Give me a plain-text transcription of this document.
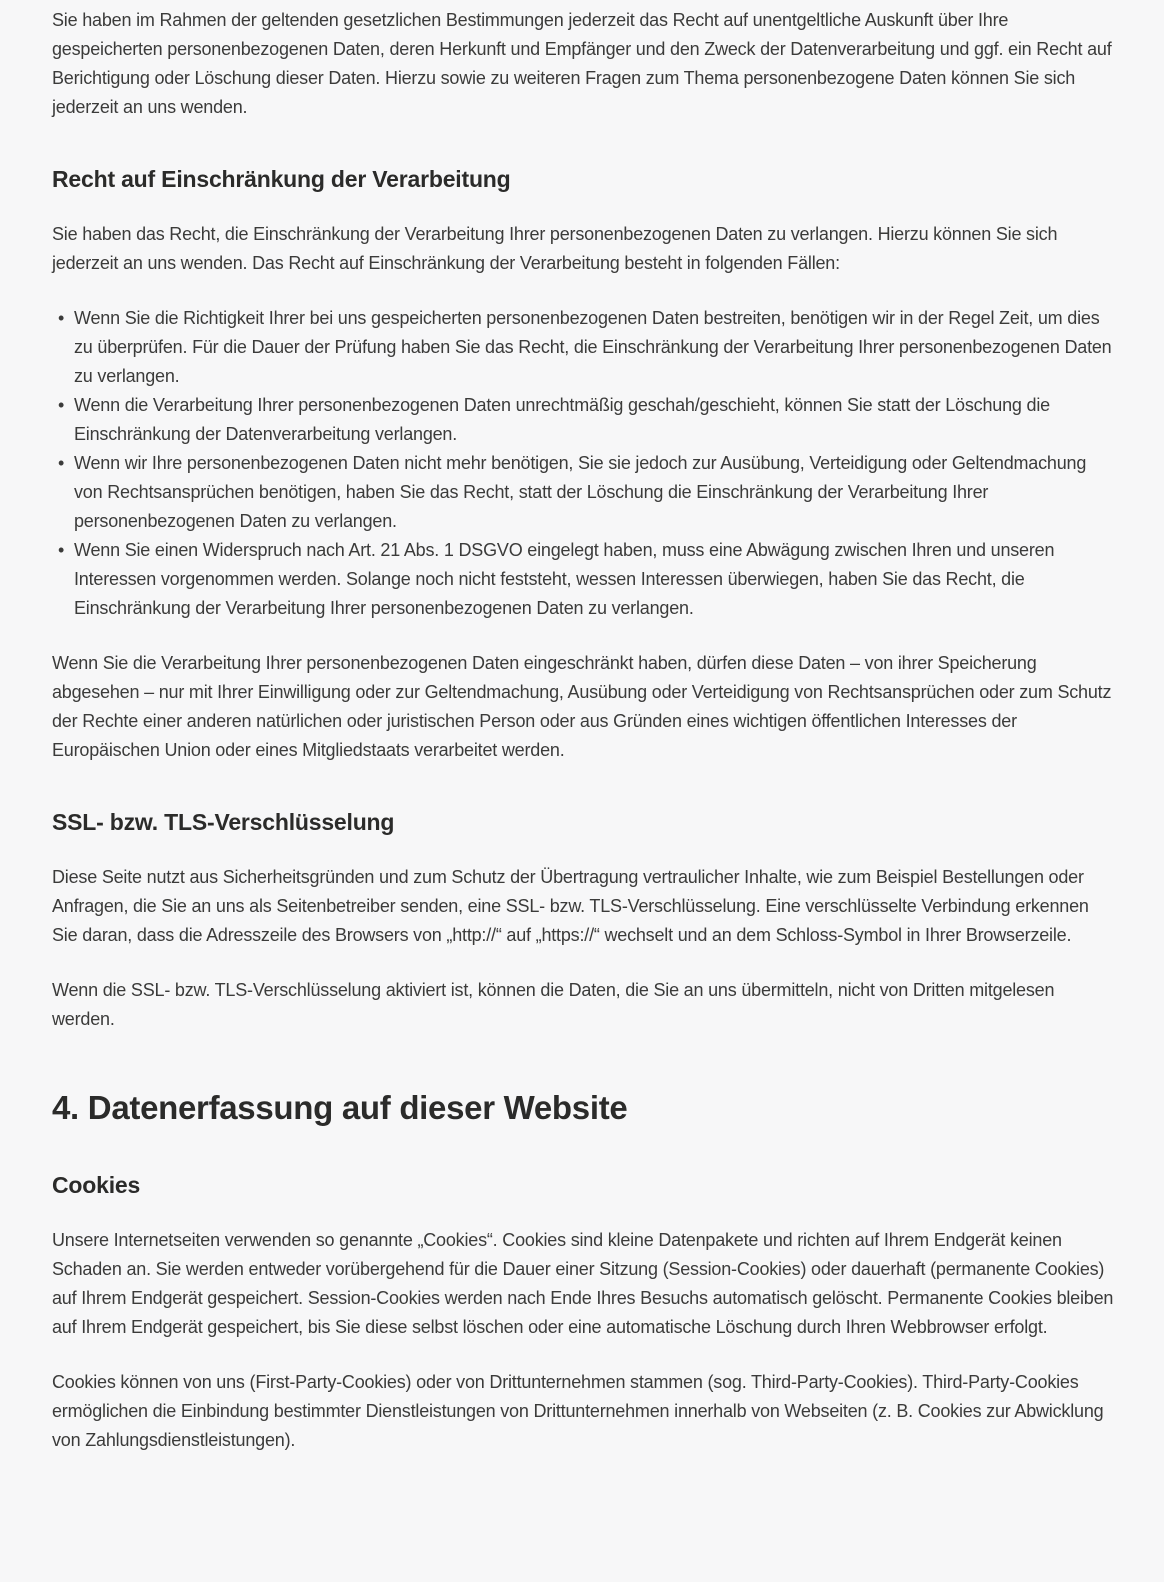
Sie haben im Rahmen der geltenden gesetzlichen Bestimmungen jederzeit das Recht auf unentgeltliche Auskunft über Ihre gespeicherten personenbezogenen Daten, deren Herkunft und Empfänger und den Zweck der Datenverarbeitung und ggf. ein Recht auf Berichtigung oder Löschung dieser Daten. Hierzu sowie zu weiteren Fragen zum Thema personenbezogene Daten können Sie sich jederzeit an uns wenden.

Recht auf Einschränkung der Verarbeitung

Sie haben das Recht, die Einschränkung der Verarbeitung Ihrer personenbezogenen Daten zu verlangen. Hierzu können Sie sich jederzeit an uns wenden. Das Recht auf Einschränkung der Verarbeitung besteht in folgenden Fällen:

• Wenn Sie die Richtigkeit Ihrer bei uns gespeicherten personenbezogenen Daten bestreiten, benötigen wir in der Regel Zeit, um dies zu überprüfen. Für die Dauer der Prüfung haben Sie das Recht, die Einschränkung der Verarbeitung Ihrer personenbezogenen Daten zu verlangen.
• Wenn die Verarbeitung Ihrer personenbezogenen Daten unrechtmäßig geschah/geschieht, können Sie statt der Löschung die Einschränkung der Datenverarbeitung verlangen.
• Wenn wir Ihre personenbezogenen Daten nicht mehr benötigen, Sie sie jedoch zur Ausübung, Verteidigung oder Geltendmachung von Rechtsansprüchen benötigen, haben Sie das Recht, statt der Löschung die Einschränkung der Verarbeitung Ihrer personenbezogenen Daten zu verlangen.
• Wenn Sie einen Widerspruch nach Art. 21 Abs. 1 DSGVO eingelegt haben, muss eine Abwägung zwischen Ihren und unseren Interessen vorgenommen werden. Solange noch nicht feststeht, wessen Interessen überwiegen, haben Sie das Recht, die Einschränkung der Verarbeitung Ihrer personenbezogenen Daten zu verlangen.

Wenn Sie die Verarbeitung Ihrer personenbezogenen Daten eingeschränkt haben, dürfen diese Daten – von ihrer Speicherung abgesehen – nur mit Ihrer Einwilligung oder zur Geltendmachung, Ausübung oder Verteidigung von Rechtsansprüchen oder zum Schutz der Rechte einer anderen natürlichen oder juristischen Person oder aus Gründen eines wichtigen öffentlichen Interesses der Europäischen Union oder eines Mitgliedstaats verarbeitet werden.

SSL- bzw. TLS-Verschlüsselung

Diese Seite nutzt aus Sicherheitsgründen und zum Schutz der Übertragung vertraulicher Inhalte, wie zum Beispiel Bestellungen oder Anfragen, die Sie an uns als Seitenbetreiber senden, eine SSL- bzw. TLS-Verschlüsselung. Eine verschlüsselte Verbindung erkennen Sie daran, dass die Adresszeile des Browsers von „http://“ auf „https://“ wechselt und an dem Schloss-Symbol in Ihrer Browserzeile.

Wenn die SSL- bzw. TLS-Verschlüsselung aktiviert ist, können die Daten, die Sie an uns übermitteln, nicht von Dritten mitgelesen werden.

4. Datenerfassung auf dieser Website
Cookies

Unsere Internetseiten verwenden so genannte „Cookies“. Cookies sind kleine Datenpakete und richten auf Ihrem Endgerät keinen Schaden an. Sie werden entweder vorübergehend für die Dauer einer Sitzung (Session-Cookies) oder dauerhaft (permanente Cookies) auf Ihrem Endgerät gespeichert. Session-Cookies werden nach Ende Ihres Besuchs automatisch gelöscht. Permanente Cookies bleiben auf Ihrem Endgerät gespeichert, bis Sie diese selbst löschen oder eine automatische Löschung durch Ihren Webbrowser erfolgt.

Cookies können von uns (First-Party-Cookies) oder von Drittunternehmen stammen (sog. Third-Party-Cookies). Third-Party-Cookies ermöglichen die Einbindung bestimmter Dienstleistungen von Drittunternehmen innerhalb von Webseiten (z. B. Cookies zur Abwicklung von Zahlungsdienstleistungen).
